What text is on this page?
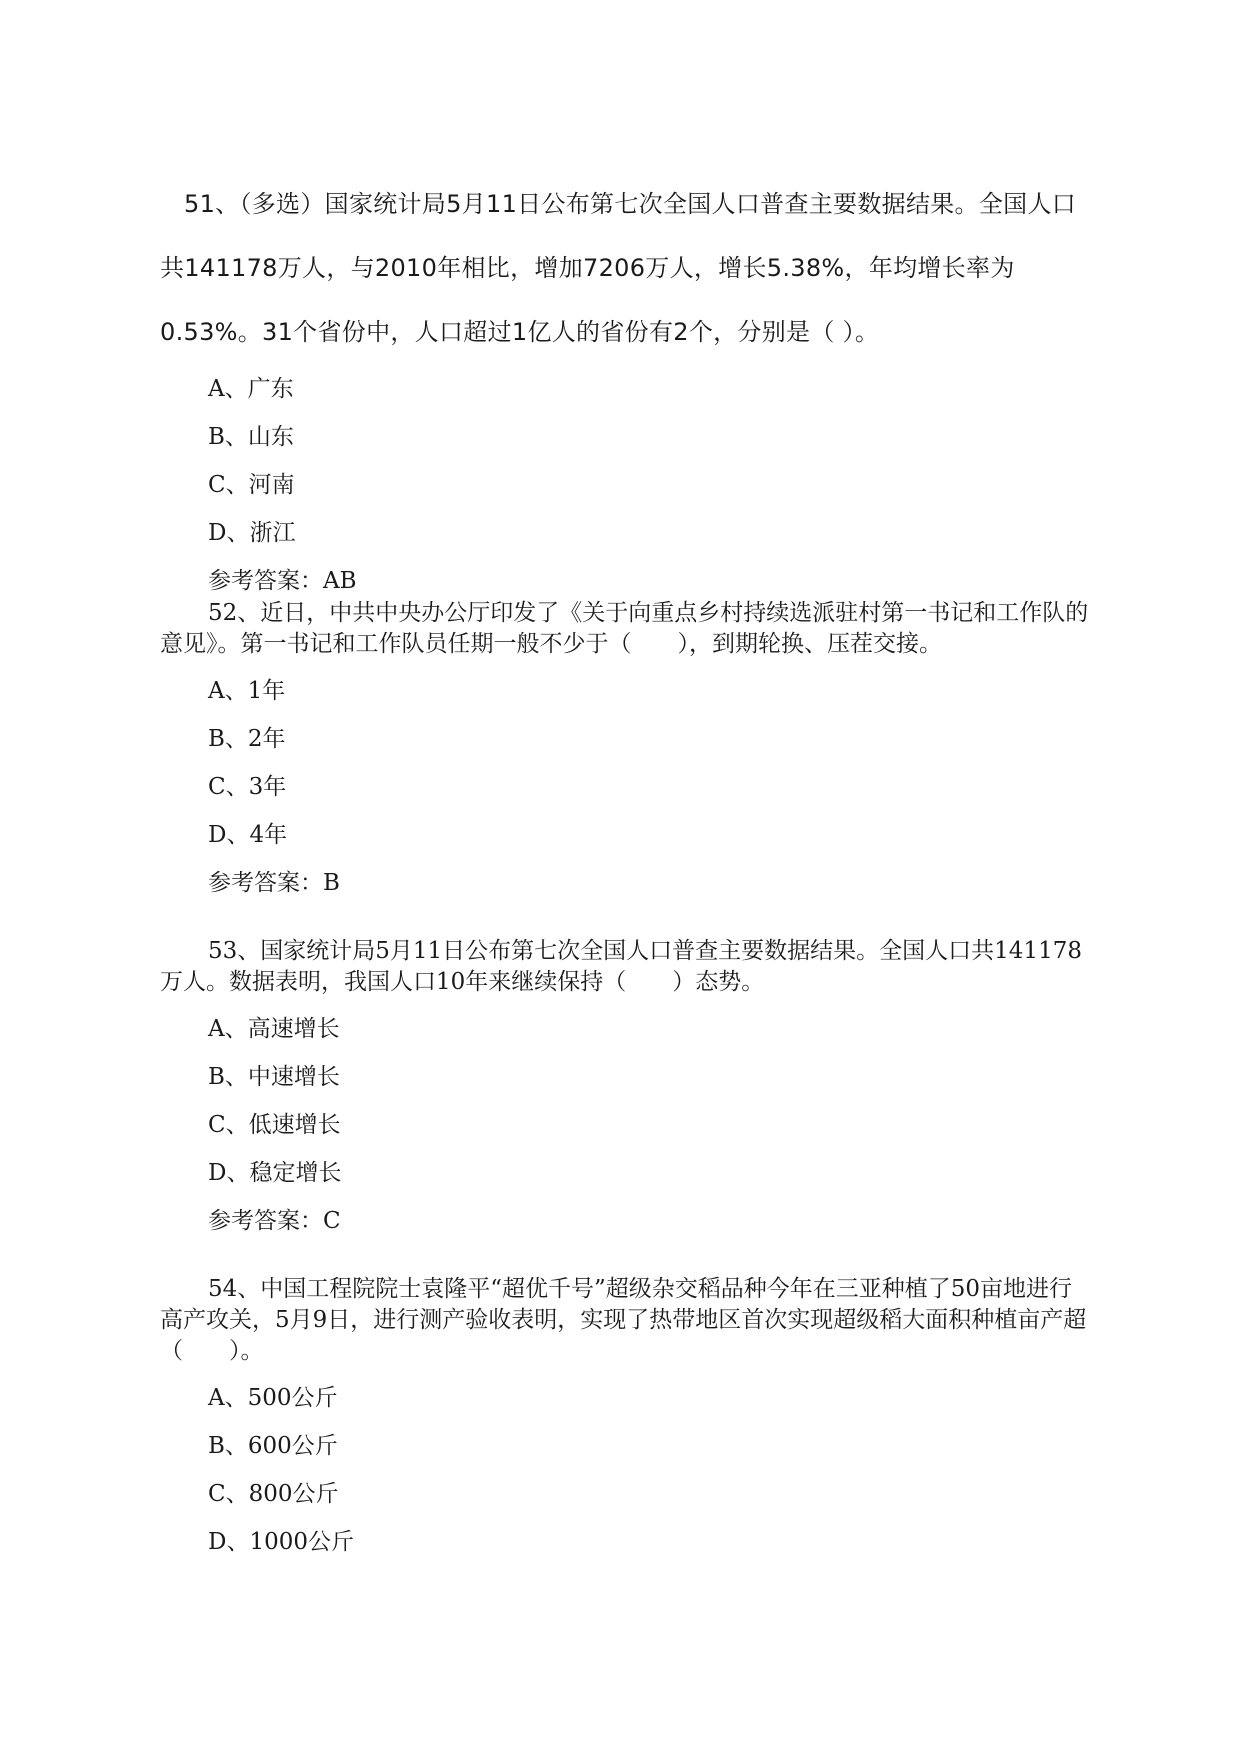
51、（多选）国家统计局5月11日公布第七次全国人口普查主要数据结果。全国人口共141178万人，与2010年相比，增加7206万人，增长5.38%，年均增长率为0.53%。31个省份中，人口超过1亿人的省份有2个，分别是（ ）。
A、广东
B、山东
C、河南
D、浙江
参考答案：AB
52、近日，中共中央办公厅印发了《关于向重点乡村持续选派驻村第一书记和工作队的意见》。第一书记和工作队员任期一般不少于（　　），到期轮换、压茬交接。
A、1年
B、2年
C、3年
D、4年
参考答案：B
53、国家统计局5月11日公布第七次全国人口普查主要数据结果。全国人口共141178万人。数据表明，我国人口10年来继续保持（　　）态势。
A、高速增长
B、中速增长
C、低速增长
D、稳定增长
参考答案：C
54、中国工程院院士袁隆平“超优千号”超级杂交稻品种今年在三亚种植了50亩地进行高产攻关，5月9日，进行测产验收表明，实现了热带地区首次实现超级稻大面积种植亩产超（　　）。
A、500公斤
B、600公斤
C、800公斤
D、1000公斤
